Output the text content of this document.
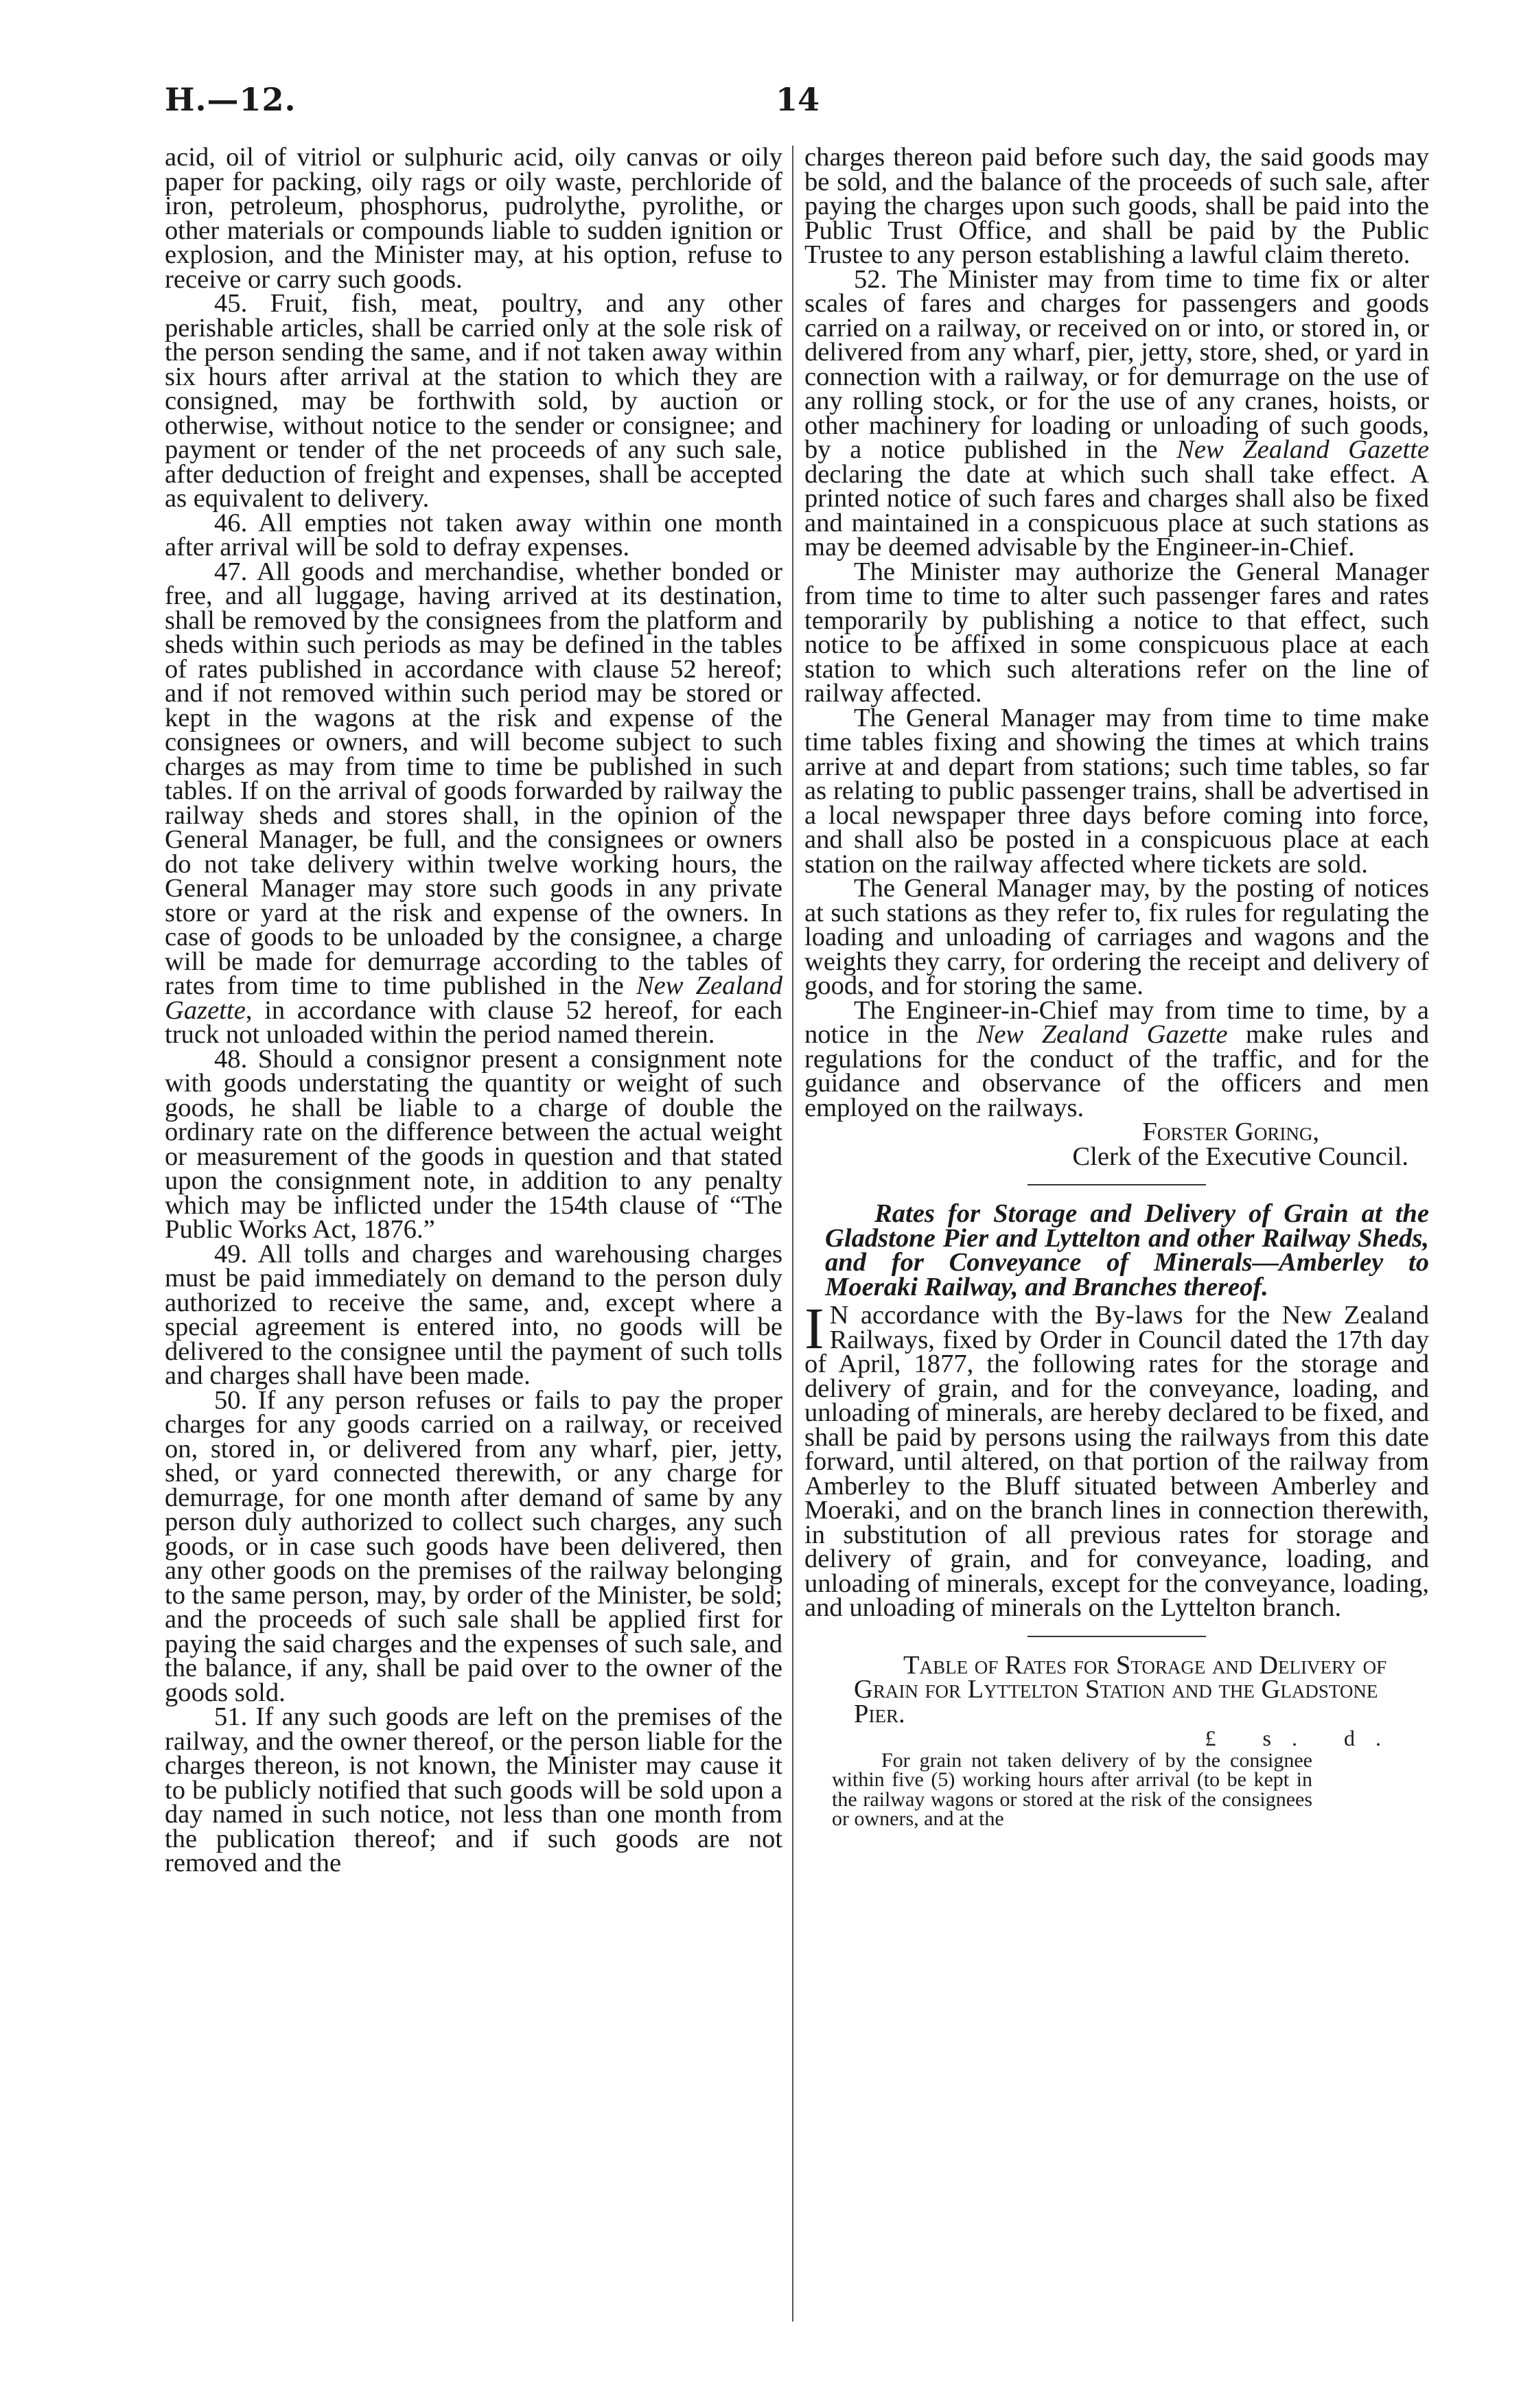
H.—12.	14

acid, oil of vitriol or sulphuric acid, oily canvas or oily paper for packing, oily rags or oily waste, perchloride of iron, petroleum, phosphorus, pudrolythe, pyrolithe, or other materials or compounds liable to sudden ignition or explosion, and the Minister may, at his option, refuse to receive or carry such goods.

45. Fruit, fish, meat, poultry, and any other perishable articles, shall be carried only at the sole risk of the person sending the same, and if not taken away within six hours after arrival at the station to which they are consigned, may be forthwith sold, by auction or otherwise, without notice to the sender or consignee; and payment or tender of the net proceeds of any such sale, after deduction of freight and expenses, shall be accepted as equivalent to delivery.

46. All empties not taken away within one month after arrival will be sold to defray expenses.

47. All goods and merchandise, whether bonded or free, and all luggage, having arrived at its destination, shall be removed by the consignees from the platform and sheds within such periods as may be defined in the tables of rates published in accordance with clause 52 hereof; and if not removed within such period may be stored or kept in the wagons at the risk and expense of the consignees or owners, and will become subject to such charges as may from time to time be published in such tables. If on the arrival of goods forwarded by railway the railway sheds and stores shall, in the opinion of the General Manager, be full, and the consignees or owners do not take delivery within twelve working hours, the General Manager may store such goods in any private store or yard at the risk and expense of the owners. In case of goods to be unloaded by the consignee, a charge will be made for demurrage according to the tables of rates from time to time published in the New Zealand Gazette, in accordance with clause 52 hereof, for each truck not unloaded within the period named therein.

48. Should a consignor present a consignment note with goods understating the quantity or weight of such goods, he shall be liable to a charge of double the ordinary rate on the difference between the actual weight or measurement of the goods in question and that stated upon the consignment note, in addition to any penalty which may be inflicted under the 154th clause of “The Public Works Act, 1876.”

49. All tolls and charges and warehousing charges must be paid immediately on demand to the person duly authorized to receive the same, and, except where a special agreement is entered into, no goods will be delivered to the consignee until the payment of such tolls and charges shall have been made.

50. If any person refuses or fails to pay the proper charges for any goods carried on a railway, or received on, stored in, or delivered from any wharf, pier, jetty, shed, or yard connected therewith, or any charge for demurrage, for one month after demand of same by any person duly authorized to collect such charges, any such goods, or in case such goods have been delivered, then any other goods on the premises of the railway belonging to the same person, may, by order of the Minister, be sold; and the proceeds of such sale shall be applied first for paying the said charges and the expenses of such sale, and the balance, if any, shall be paid over to the owner of the goods sold.

51. If any such goods are left on the premises of the railway, and the owner thereof, or the person liable for the charges thereon, is not known, the Minister may cause it to be publicly notified that such goods will be sold upon a day named in such notice, not less than one month from the publication thereof; and if such goods are not removed and the

charges thereon paid before such day, the said goods may be sold, and the balance of the proceeds of such sale, after paying the charges upon such goods, shall be paid into the Public Trust Office, and shall be paid by the Public Trustee to any person establishing a lawful claim thereto.

52. The Minister may from time to time fix or alter scales of fares and charges for passengers and goods carried on a railway, or received on or into, or stored in, or delivered from any wharf, pier, jetty, store, shed, or yard in connection with a railway, or for demurrage on the use of any rolling stock, or for the use of any cranes, hoists, or other machinery for loading or unloading of such goods, by a notice published in the New Zealand Gazette declaring the date at which such shall take effect. A printed notice of such fares and charges shall also be fixed and maintained in a conspicuous place at such stations as may be deemed advisable by the Engineer-in-Chief.

The Minister may authorize the General Manager from time to time to alter such passenger fares and rates temporarily by publishing a notice to that effect, such notice to be affixed in some conspicuous place at each station to which such alterations refer on the line of railway affected.

The General Manager may from time to time make time tables fixing and showing the times at which trains arrive at and depart from stations; such time tables, so far as relating to public passenger trains, shall be advertised in a local newspaper three days before coming into force, and shall also be posted in a conspicuous place at each station on the railway affected where tickets are sold.

The General Manager may, by the posting of notices at such stations as they refer to, fix rules for regulating the loading and unloading of carriages and wagons and the weights they carry, for ordering the receipt and delivery of goods, and for storing the same.

The Engineer-in-Chief may from time to time, by a notice in the New Zealand Gazette make rules and regulations for the conduct of the traffic, and for the guidance and observance of the officers and men employed on the railways.

Forster Goring,

Clerk of the Executive Council.

Rates for Storage and Delivery of Grain at the Gladstone Pier and Lyttelton and other Railway Sheds, and for Conveyance of Minerals—Amberley to Moeraki Railway, and Branches thereof.

I N accordance with the By-laws for the New Zealand Railways, fixed by Order in Council dated the 17th day of April, 1877, the following rates for the storage and delivery of grain, and for the conveyance, loading, and unloading of minerals, are hereby declared to be fixed, and shall be paid by persons using the railways from this date forward, until altered, on that portion of the railway from Amberley to the Bluff situated between Amberley and Moeraki, and on the branch lines in connection therewith, in substitution of all previous rates for storage and delivery of grain, and for conveyance, loading, and unloading of minerals, except for the conveyance, loading, and unloading of minerals on the Lyttelton branch.

Table of Rates for Storage and Delivery of Grain for Lyttelton Station and the Gladstone Pier.

£ s. d.

For grain not taken delivery of by the consignee within five (5) working hours after arrival (to be kept in the railway wagons or stored at the risk of the consignees or owners, and at the
